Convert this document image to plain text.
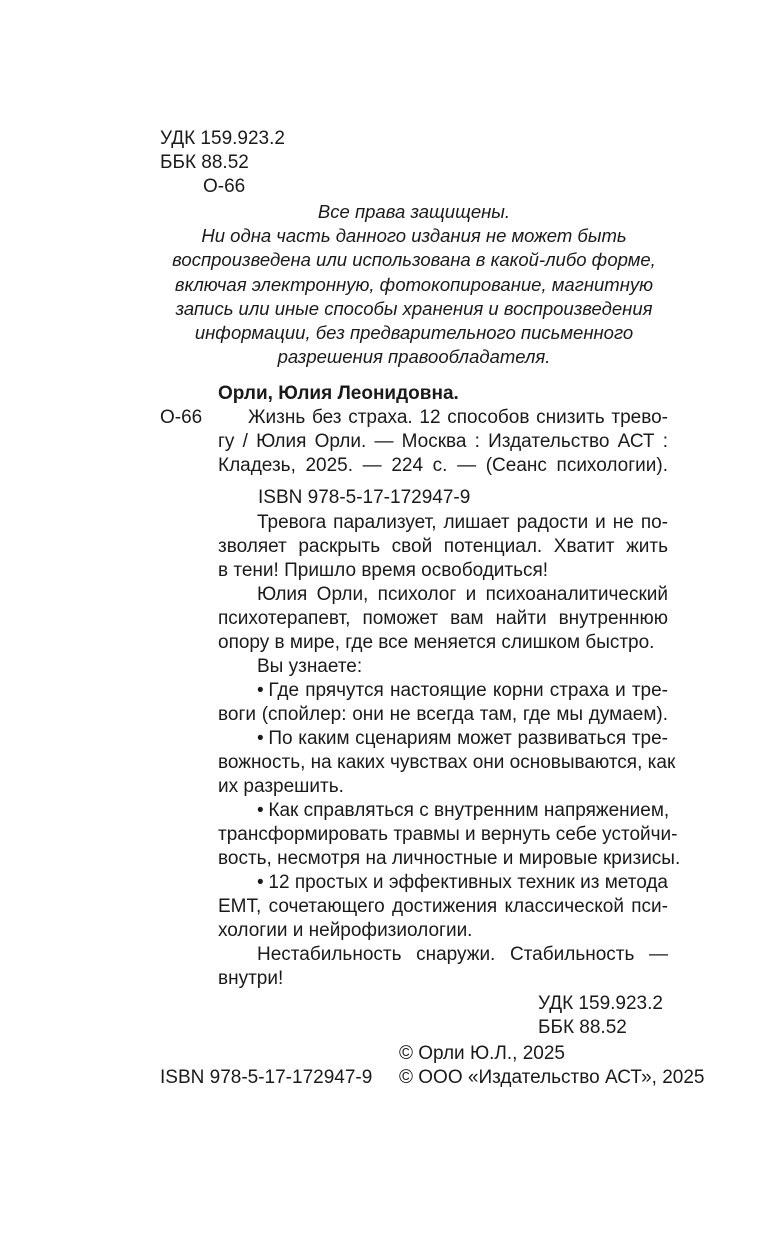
УДК 159.923.2
ББК 88.52
О-66
Все права защищены.
Ни одна часть данного издания не может быть
воспроизведена или использована в какой-либо форме,
включая электронную, фотокопирование, магнитную
запись или иные способы хранения и воспроизведения
информации, без предварительного письменного
разрешения правообладателя.
Орли, Юлия Леонидовна.
О-66 Жизнь без страха. 12 способов снизить трево-
гу / Юлия Орли. — Москва : Издательство АСТ :
Кладезь, 2025. — 224 с. — (Сеанс психологии).
ISBN 978-5-17-172947-9
Тревога парализует, лишает радости и не по-
зволяет раскрыть свой потенциал. Хватит жить
в тени! Пришло время освободиться!
Юлия Орли, психолог и психоаналитический
психотерапевт, поможет вам найти внутреннюю
опору в мире, где все меняется слишком быстро.
Вы узнаете:
• Где прячутся настоящие корни страха и тре-
воги (спойлер: они не всегда там, где мы думаем).
• По каким сценариям может развиваться тре-
вожность, на каких чувствах они основываются, как
их разрешить.
• Как справляться с внутренним напряжением,
трансформировать травмы и вернуть себе устойчи-
вость, несмотря на личностные и мировые кризисы.
• 12 простых и эффективных техник из метода
ЕМТ, сочетающего достижения классической пси-
хологии и нейрофизиологии.
Нестабильность снаружи. Стабильность —
внутри!
УДК 159.923.2
ББК 88.52
© Орли Ю.Л., 2025
ISBN 978-5-17-172947-9 © ООО «Издательство АСТ», 2025
